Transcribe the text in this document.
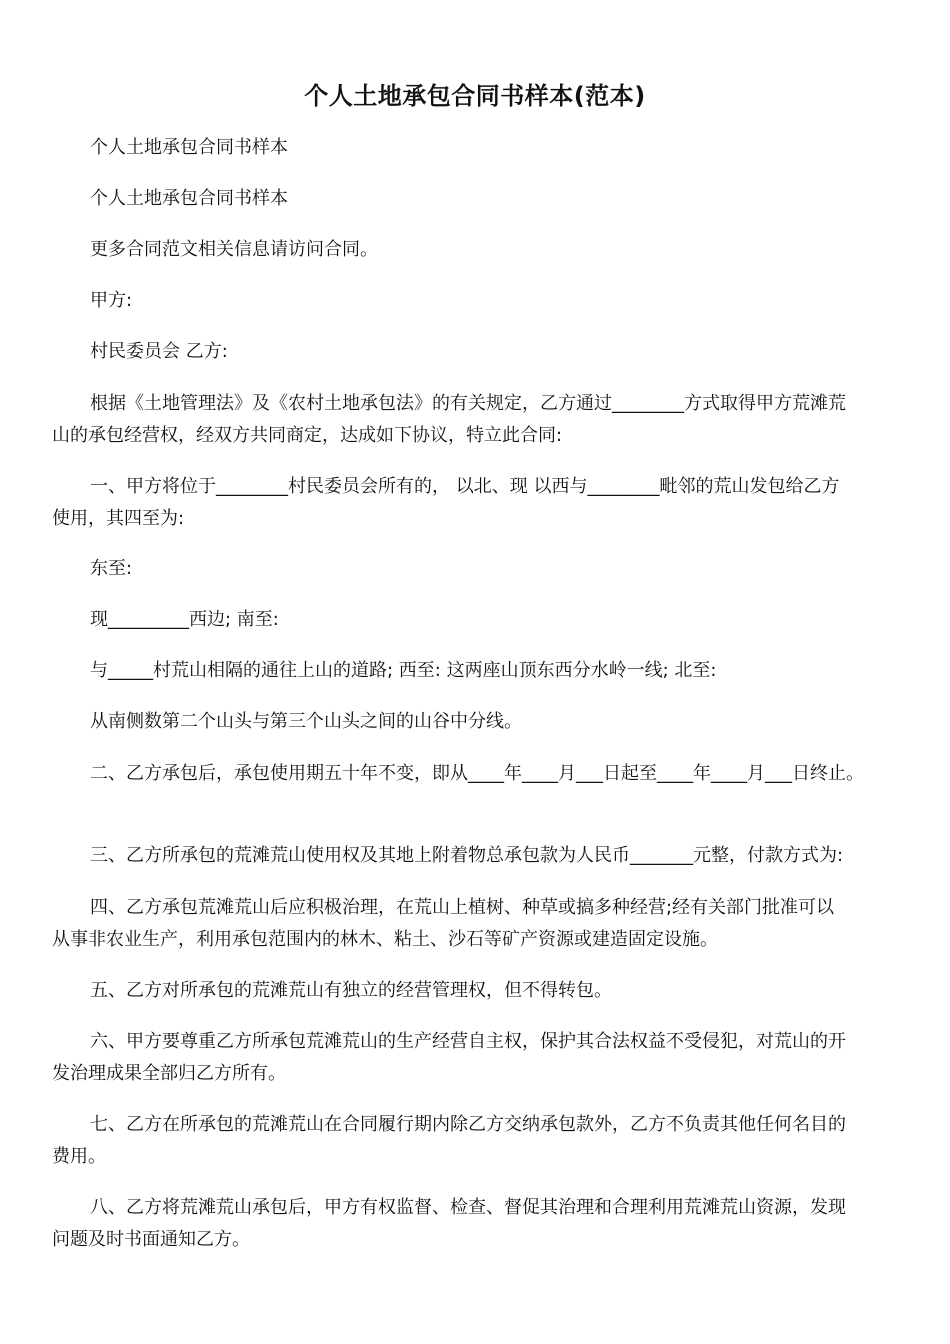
个人土地承包合同书样本(范本)
个人土地承包合同书样本
个人土地承包合同书样本
更多合同范文相关信息请访问合同。
甲方:
村民委员会 乙方:
根据《土地管理法》及《农村土地承包法》的有关规定，乙方通过________方式取得甲方荒滩荒
山的承包经营权，经双方共同商定，达成如下协议，特立此合同:
一、甲方将位于________村民委员会所有的， 以北、现 以西与________毗邻的荒山发包给乙方
使用，其四至为:
东至:
现_________西边; 南至:
与_____村荒山相隔的通往上山的道路; 西至: 这两座山顶东西分水岭一线; 北至:
从南侧数第二个山头与第三个山头之间的山谷中分线。
二、乙方承包后，承包使用期五十年不变，即从____年____月___日起至____年____月___日终止。
三、乙方所承包的荒滩荒山使用权及其地上附着物总承包款为人民币_______元整，付款方式为:
四、乙方承包荒滩荒山后应积极治理，在荒山上植树、种草或搞多种经营;经有关部门批准可以
从事非农业生产，利用承包范围内的林木、粘土、沙石等矿产资源或建造固定设施。
五、乙方对所承包的荒滩荒山有独立的经营管理权，但不得转包。
六、甲方要尊重乙方所承包荒滩荒山的生产经营自主权，保护其合法权益不受侵犯，对荒山的开
发治理成果全部归乙方所有。
七、乙方在所承包的荒滩荒山在合同履行期内除乙方交纳承包款外，乙方不负责其他任何名目的
费用。
八、乙方将荒滩荒山承包后，甲方有权监督、检查、督促其治理和合理利用荒滩荒山资源，发现
问题及时书面通知乙方。
